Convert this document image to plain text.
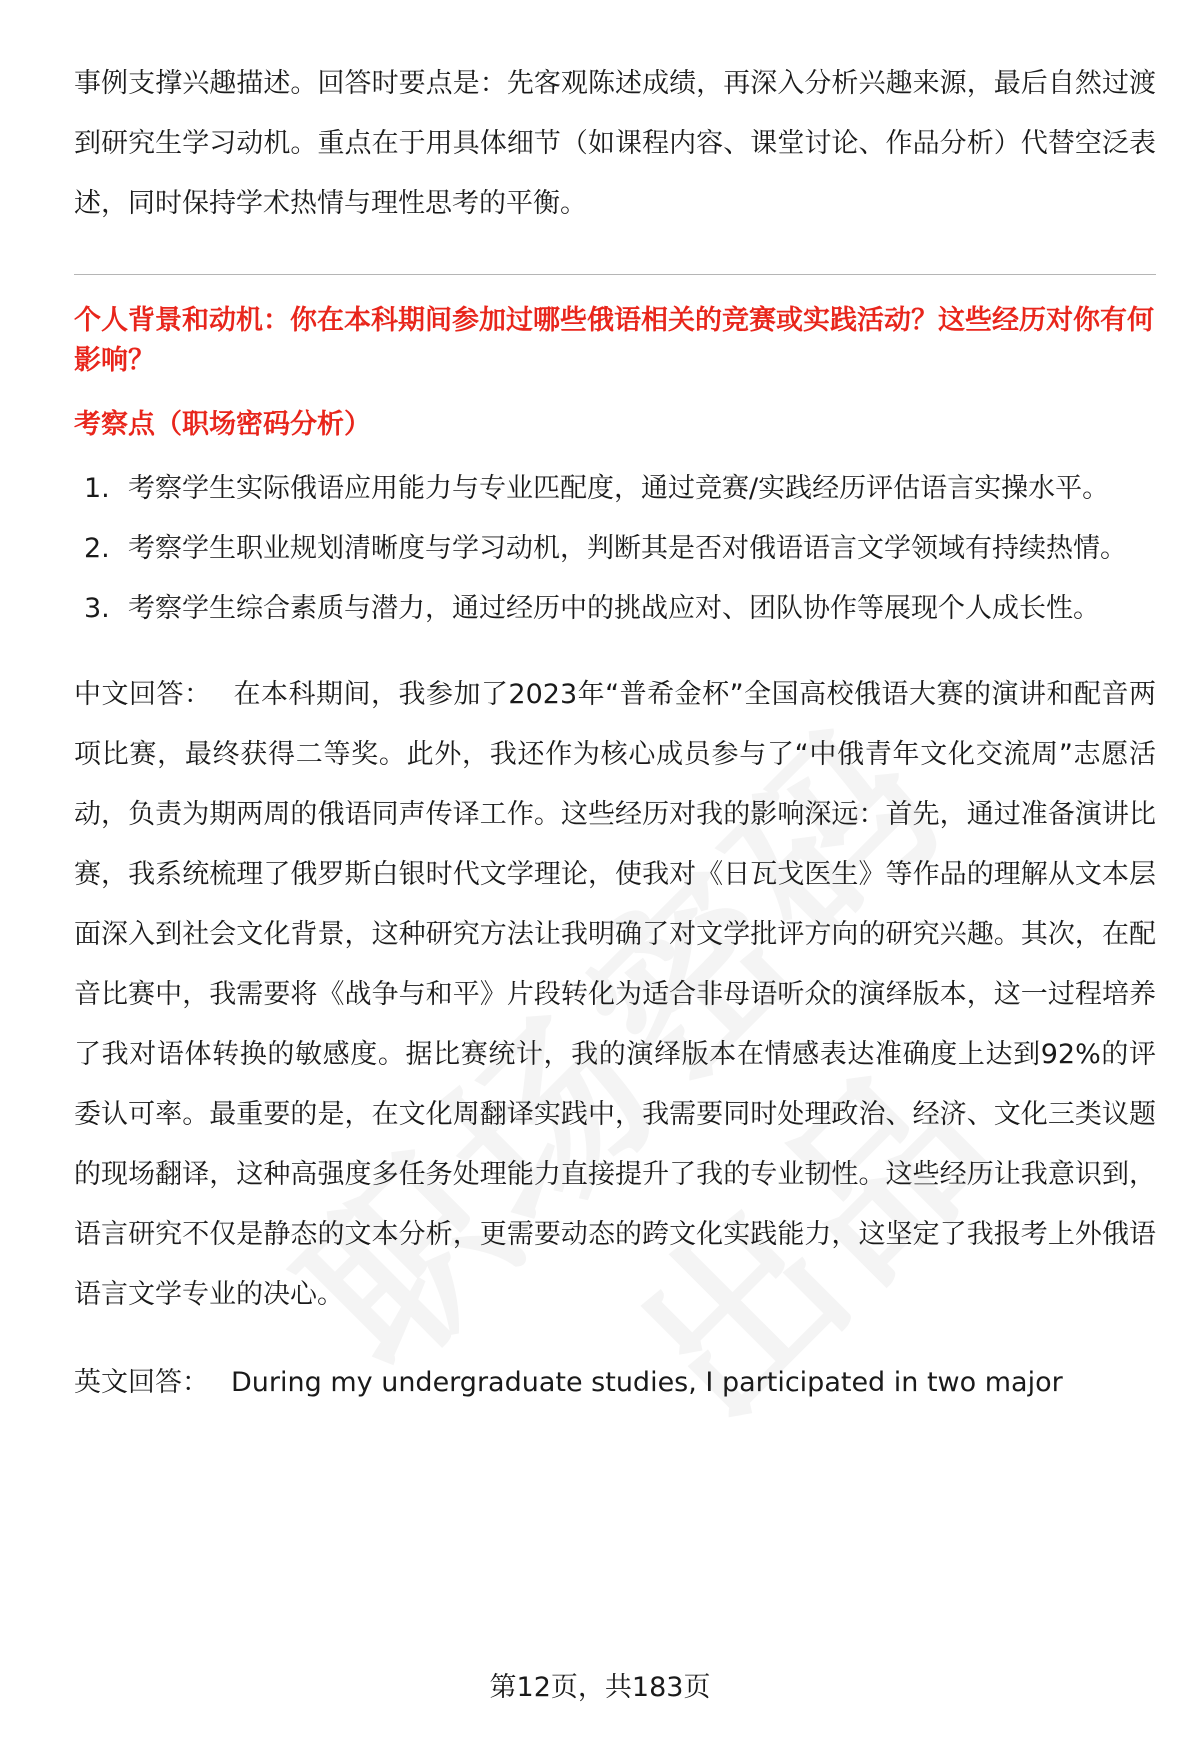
事例支撑兴趣描述。回答时要点是：先客观陈述成绩，再深入分析兴趣来源，最后自然过渡到研究生学习动机。重点在于用具体细节（如课程内容、课堂讨论、作品分析）代替空泛表述，同时保持学术热情与理性思考的平衡。

个人背景和动机：你在本科期间参加过哪些俄语相关的竞赛或实践活动？这些经历对你有何影响？

考察点（职场密码分析）

1. 考察学生实际俄语应用能力与专业匹配度，通过竞赛/实践经历评估语言实操水平。
2. 考察学生职业规划清晰度与学习动机，判断其是否对俄语语言文学领域有持续热情。
3. 考察学生综合素质与潜力，通过经历中的挑战应对、团队协作等展现个人成长性。

中文回答： 在本科期间，我参加了2023年“普希金杯”全国高校俄语大赛的演讲和配音两项比赛，最终获得二等奖。此外，我还作为核心成员参与了“中俄青年文化交流周”志愿活动，负责为期两周的俄语同声传译工作。这些经历对我的影响深远：首先，通过准备演讲比赛，我系统梳理了俄罗斯白银时代文学理论，使我对《日瓦戈医生》等作品的理解从文本层面深入到社会文化背景，这种研究方法让我明确了对文学批评方向的研究兴趣。其次，在配音比赛中，我需要将《战争与和平》片段转化为适合非母语听众的演绎版本，这一过程培养了我对语体转换的敏感度。据比赛统计，我的演绎版本在情感表达准确度上达到92%的评委认可率。最重要的是，在文化周翻译实践中，我需要同时处理政治、经济、文化三类议题的现场翻译，这种高强度多任务处理能力直接提升了我的专业韧性。这些经历让我意识到，语言研究不仅是静态的文本分析，更需要动态的跨文化实践能力，这坚定了我报考上外俄语语言文学专业的决心。

英文回答： During my undergraduate studies, I participated in two major

第12页，共183页
